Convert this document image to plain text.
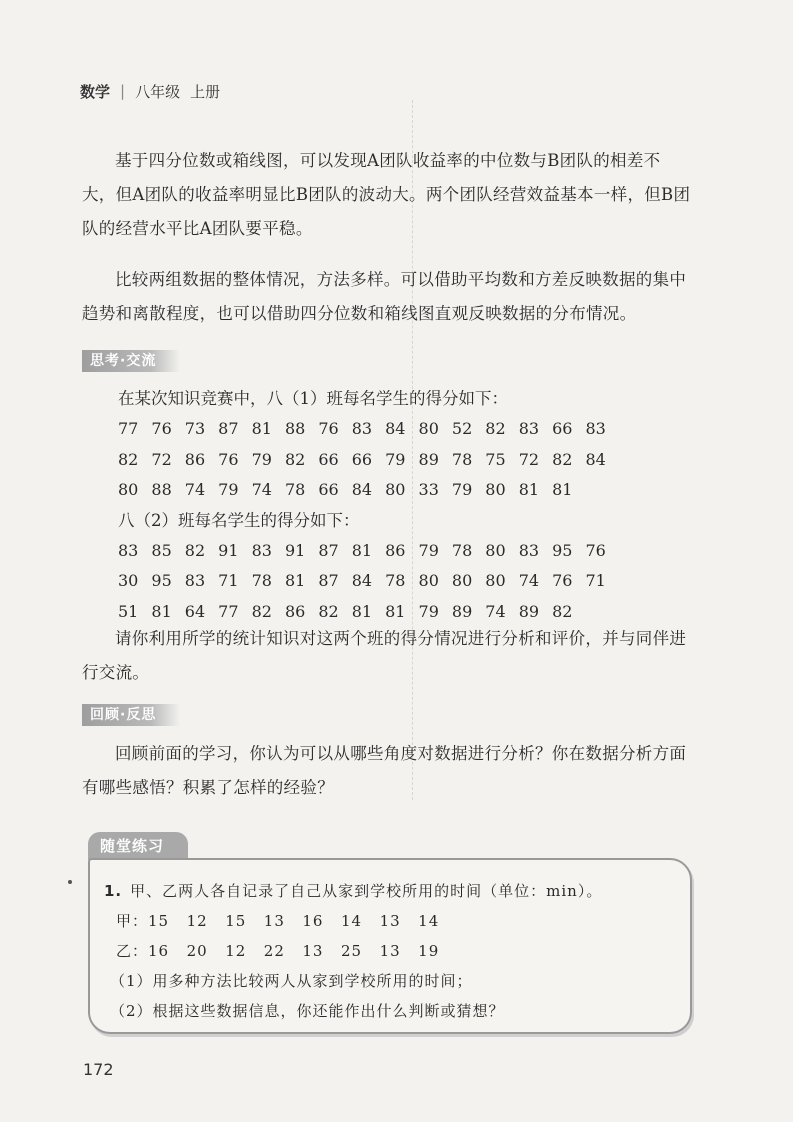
数学 | 八年级 上册
基于四分位数或箱线图，可以发现A团队收益率的中位数与B团队的相差不大，但A团队的收益率明显比B团队的波动大。两个团队经营效益基本一样，但B团队的经营水平比A团队要平稳。
比较两组数据的整体情况，方法多样。可以借助平均数和方差反映数据的集中趋势和离散程度，也可以借助四分位数和箱线图直观反映数据的分布情况。
思考·交流
在某次知识竞赛中，八（1）班每名学生的得分如下：
77 76 73 87 81 88 76 83 84 80 52 82 83 66 83
82 72 86 76 79 82 66 66 79 89 78 75 72 82 84
80 88 74 79 74 78 66 84 80 33 79 80 81 81
八（2）班每名学生的得分如下：
83 85 82 91 83 91 87 81 86 79 78 80 83 95 76
30 95 83 71 78 81 87 84 78 80 80 80 74 76 71
51 81 64 77 82 86 82 81 81 79 89 74 89 82
请你利用所学的统计知识对这两个班的得分情况进行分析和评价，并与同伴进行交流。
回顾·反思
回顾前面的学习，你认为可以从哪些角度对数据进行分析？你在数据分析方面有哪些感悟？积累了怎样的经验？
随堂练习
1. 甲、乙两人各自记录了自己从家到学校所用的时间（单位：min）。
甲：15 12 15 13 16 14 13 14
乙：16 20 12 22 13 25 13 19
（1）用多种方法比较两人从家到学校所用的时间；
（2）根据这些数据信息，你还能作出什么判断或猜想？
172
